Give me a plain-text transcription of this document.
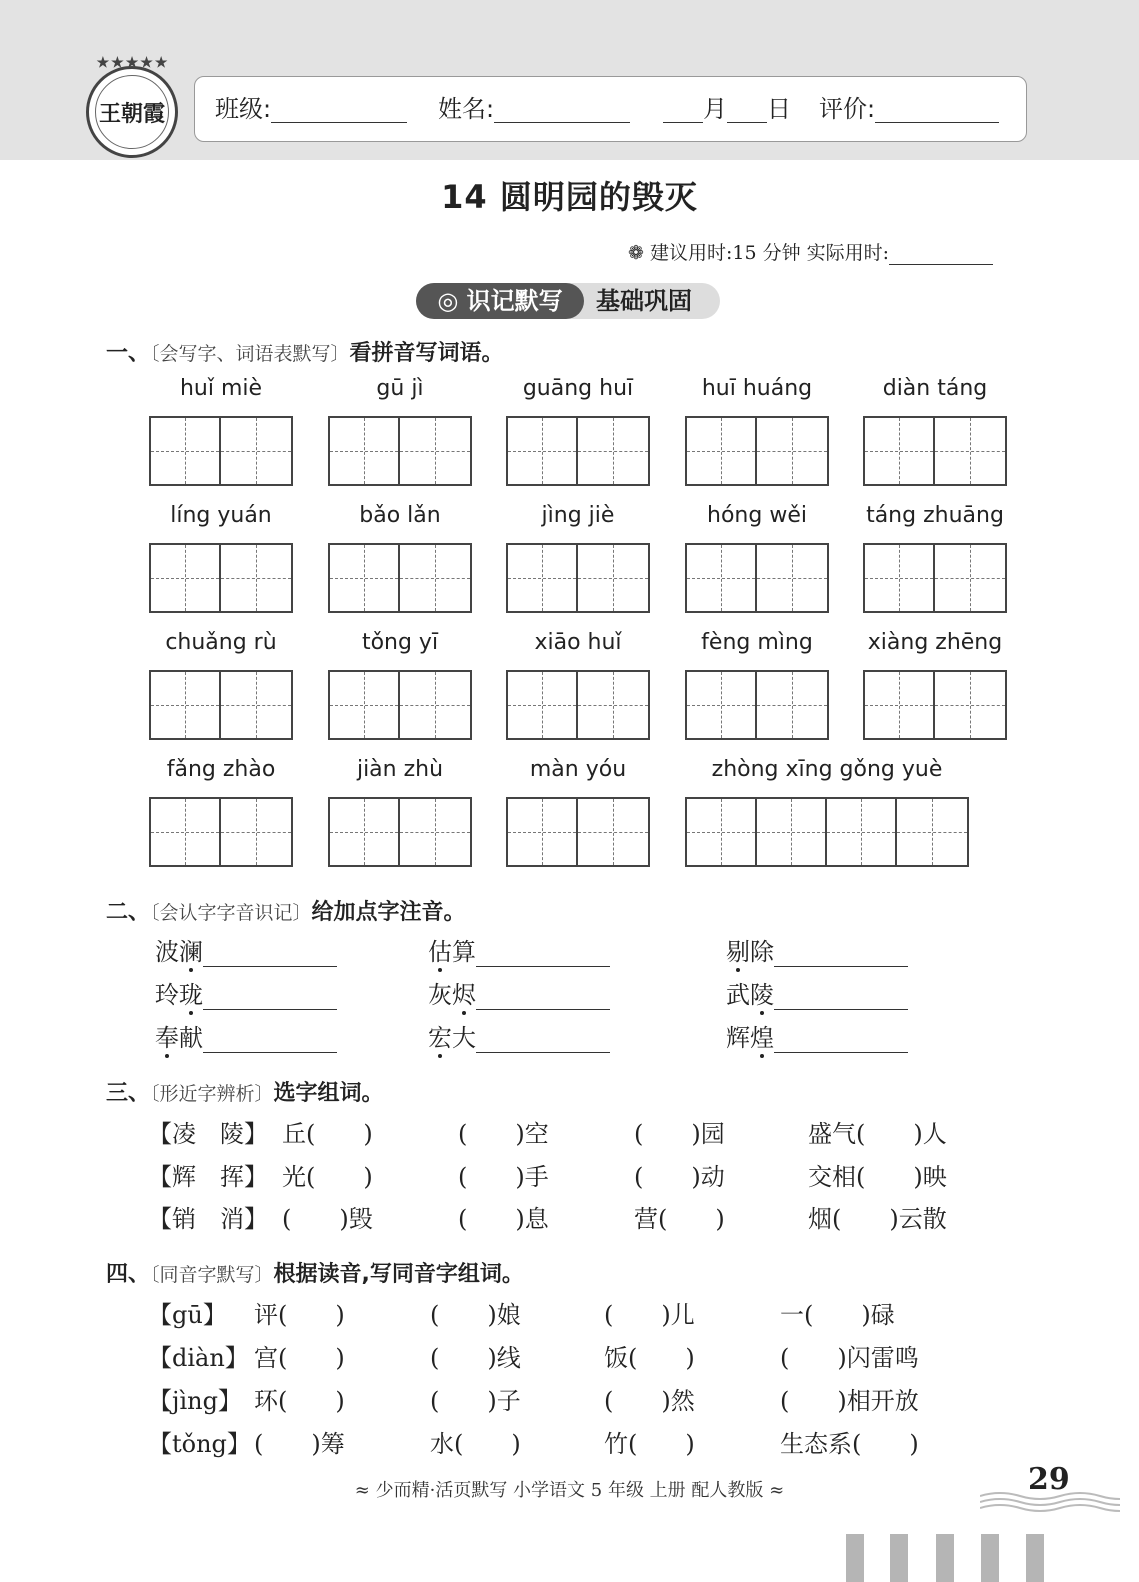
★★★★★
王朝霞 班级:	姓名:	月 日 评价:
14 圆明园的毁灭
❁ 建议用时:15 分钟 实际用时:
◎ 识记默写	基础巩固
一、〔会写字、词语表默写〕看拼音写词语。
huǐ miè	gū jì	guāng huī	huī huáng	diàn táng
líng yuán	bǎo lǎn	jìng jiè	hóng wěi	táng zhuāng
chuǎng rù	tǒng yī	xiāo huǐ	fèng mìng	xiàng zhēng
fǎng zhào	jiàn zhù	màn yóu	zhòng xīng gǒng yuè
二、〔会认字字音识记〕给加点字注音。
波澜	估算	剔除
玲珑	灰烬	武陵
奉献	宏大	辉煌
三、〔形近字辨析〕选字组词。
【凌　陵】 丘(　　)	(　　)空	(　　)园	盛气(　　)人
【辉　挥】 光(　　)	(　　)手	(　　)动	交相(　　)映
【销　消】 (　　)毁	(　　)息	营(　　)	烟(　　)云散
四、〔同音字默写〕根据读音,写同音字组词。
【gū】 评(　　)	(　　)娘	(　　)儿	一(　　)碌
【diàn】 宫(　　)	(　　)线	饭(　　)	(　　)闪雷鸣
【jìng】 环(　　)	(　　)子	(　　)然	(　　)相开放
【tǒng】 (　　)筹	水(　　)	竹(　　)	生态系(　　)
≈ 少而精·活页默写 小学语文 5 年级 上册 配人教版 ≈	29
